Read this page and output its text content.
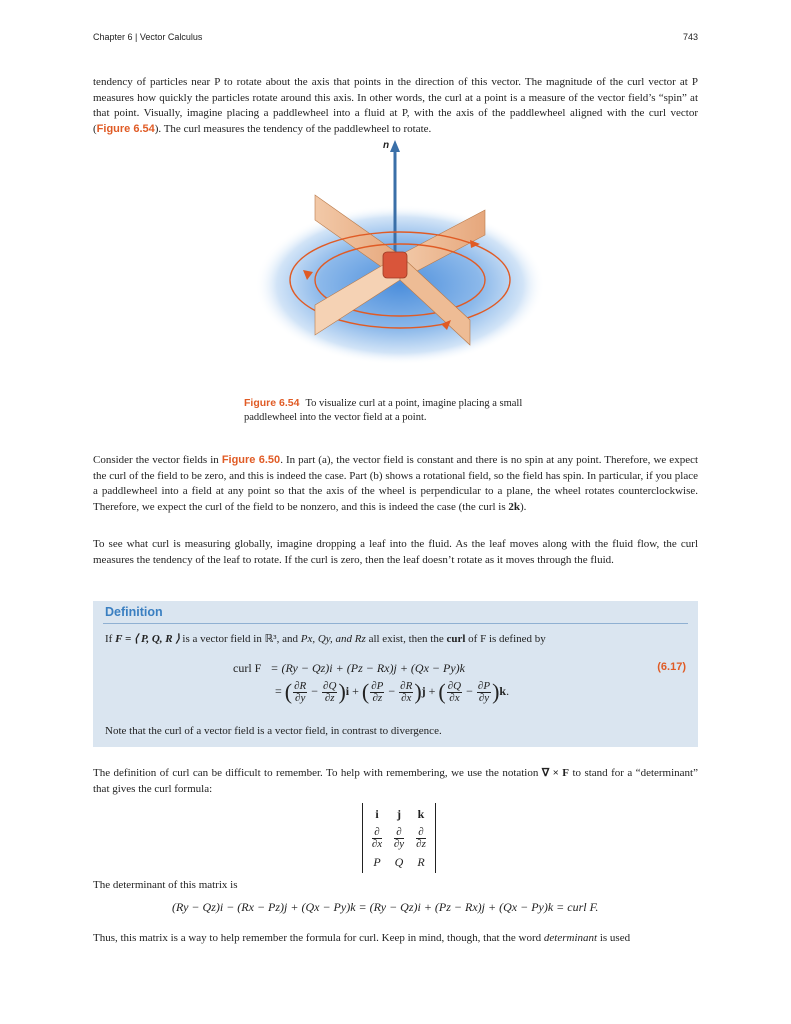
Chapter 6 | Vector Calculus	743

tendency of particles near P to rotate about the axis that points in the direction of this vector. The magnitude of the curl vector at P measures how quickly the particles rotate around this axis. In other words, the curl at a point is a measure of the vector field’s “spin” at that point. Visually, imagine placing a paddlewheel into a fluid at P, with the axis of the paddlewheel aligned with the curl vector (Figure 6.54). The curl measures the tendency of the paddlewheel to rotate.

n

Figure 6.54 To visualize curl at a point, imagine placing a small paddlewheel into the vector field at a point.

Consider the vector fields in Figure 6.50. In part (a), the vector field is constant and there is no spin at any point. Therefore, we expect the curl of the field to be zero, and this is indeed the case. Part (b) shows a rotational field, so the field has spin. In particular, if you place a paddlewheel into a field at any point so that the axis of the wheel is perpendicular to a plane, the wheel rotates counterclockwise. Therefore, we expect the curl of the field to be nonzero, and this is indeed the case (the curl is 2k).

To see what curl is measuring globally, imagine dropping a leaf into the fluid. As the leaf moves along with the fluid flow, the curl measures the tendency of the leaf to rotate. If the curl is zero, then the leaf doesn’t rotate as it moves through the fluid.

Definition
If F = ⟨ P, Q, R ⟩ is a vector field in ℝ³, and Px, Qy, and Rz all exist, then the curl of F is defined by
curl F = (Ry − Qz)i + (Pz − Rx)j + (Qx − Py)k
= ( $\frac{\partial R}{\partial y} - \frac{\partial Q}{\partial z} )i$ + ( $\frac{\partial P}{\partial z} - \frac{\partial R}{\partial x} )j$ + ( $\frac{\partial Q}{\partial x} - \frac{\partial P}{\partial y} )k$.
(6.17)
Note that the curl of a vector field is a vector field, in contrast to divergence.

The definition of curl can be difficult to remember. To help with remembering, we use the notation ∇ × F to stand for a “determinant” that gives the curl formula:

i	j	k
$\frac{\partial}{\partial x} \frac{\partial}{\partial y} \frac{\partial}{\partial z}$
P	Q	R

The determinant of this matrix is

(Ry − Qz)i − (Rx − Pz)j + (Qx − Py)k = (Ry − Qz)i + (Pz − Rx)j + (Qx − Py)k = curl F.

Thus, this matrix is a way to help remember the formula for curl. Keep in mind, though, that the word determinant is used
